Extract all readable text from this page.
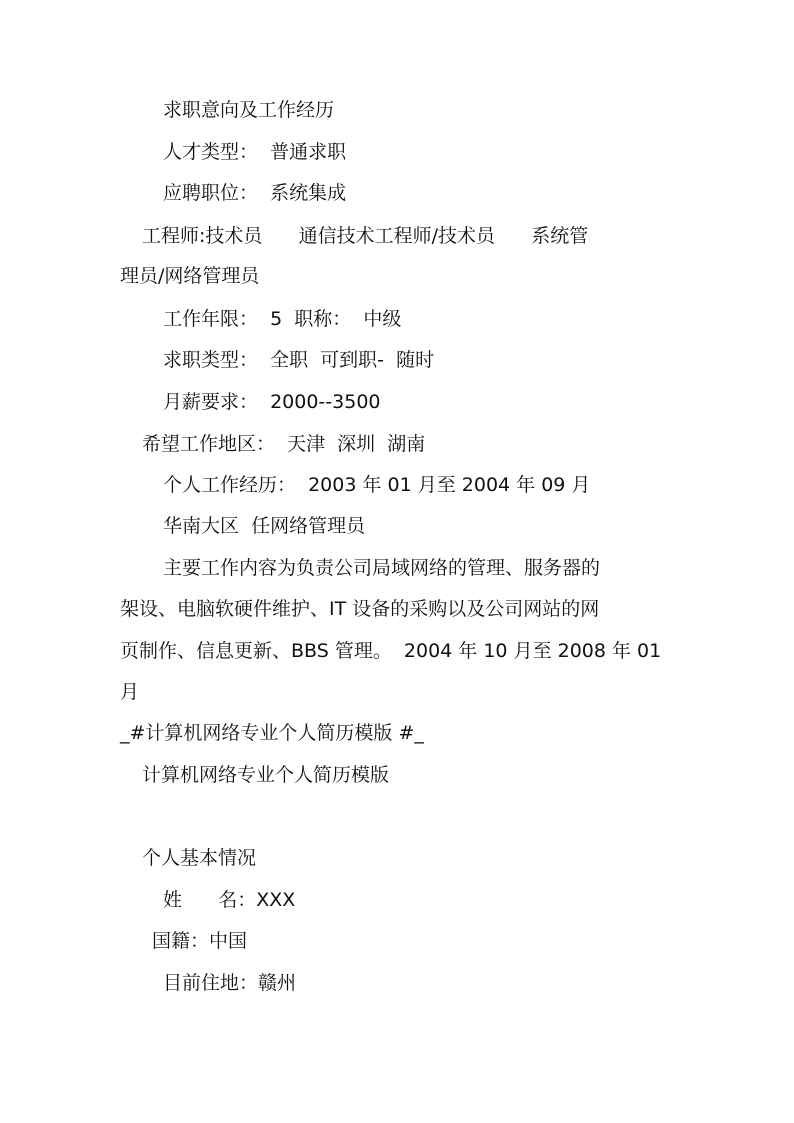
求职意向及工作经历
人才类型：  普通求职
应聘职位：  系统集成
工程师:技术员      通信技术工程师/技术员      系统管
理员/网络管理员
工作年限：  5  职称：  中级
求职类型：  全职  可到职-  随时
月薪要求：  2000--3500
希望工作地区：  天津  深圳  湖南
个人工作经历：  2003 年 01 月至 2004 年 09 月
华南大区  任网络管理员
主要工作内容为负责公司局域网络的管理、服务器的
架设、电脑软硬件维护、IT 设备的采购以及公司网站的网
页制作、信息更新、BBS 管理。  2004 年 10 月至 2008 年 01
月
_#计算机网络专业个人简历模版 #_
计算机网络专业个人简历模版
个人基本情况
姓      名：XXX
国籍：中国
目前住地：赣州
